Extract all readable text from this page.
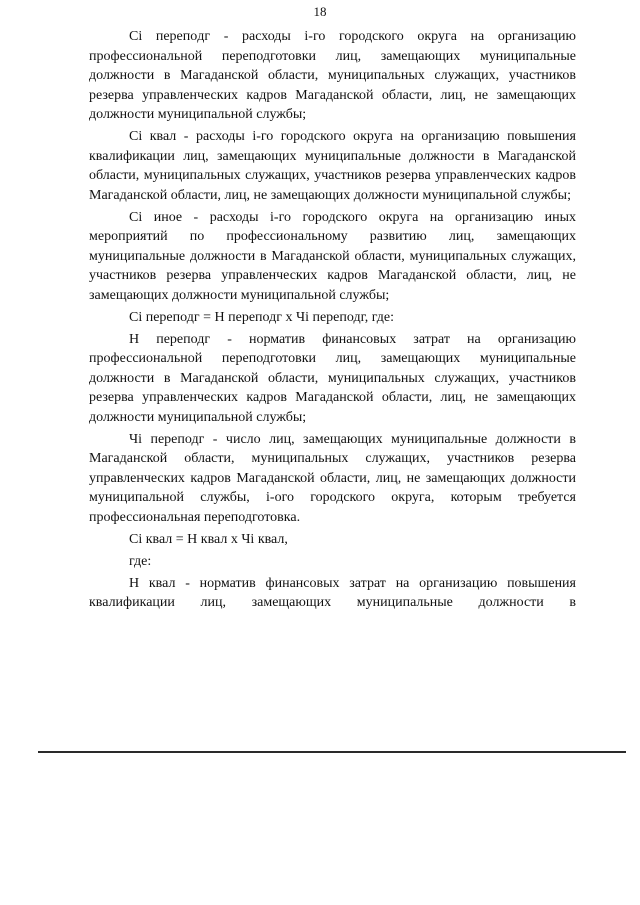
18

Ci перепoдг - расходы i-го городского округа на организацию профессиональной переподготовки лиц, замещающих муниципальные должности в Магаданской области, муниципальных служащих, участников резерва управленческих кадров Магаданской области, лиц, не замещающих должности муниципальной службы;

Ci квал - расходы i-го городского округа на организацию повышения квалификации лиц, замещающих муниципальные должности в Магаданской области, муниципальных служащих, участников резерва управленческих кадров Магаданской области, лиц, не замещающих должности муниципальной службы;

Ci иное - расходы i-го городского округа на организацию иных мероприятий по профессиональному развитию лиц, замещающих муниципальные должности в Магаданской области, муниципальных служащих, участников резерва управленческих кадров Магаданской области, лиц, не замещающих должности муниципальной службы;

Ci переподг = Н переподг х Чi переподг, где:

Н переподг - норматив финансовых затрат на организацию профессиональной переподготовки лиц, замещающих муниципальные должности в Магаданской области, муниципальных служащих, участников резерва управленческих кадров Магаданской области, лиц, не замещающих должности муниципальной службы;

Чi переподг - число лиц, замещающих муниципальные должности в Магаданской области, муниципальных служащих, участников резерва управленческих кадров Магаданской области, лиц, не замещающих должности муниципальной службы, i-ого городского округа, которым требуется профессиональная переподготовка.

Ci квал = Н квал х Чi квал,

где:

Н квал - норматив финансовых затрат на организацию повышения квалификации лиц, замещающих муниципальные должности в
